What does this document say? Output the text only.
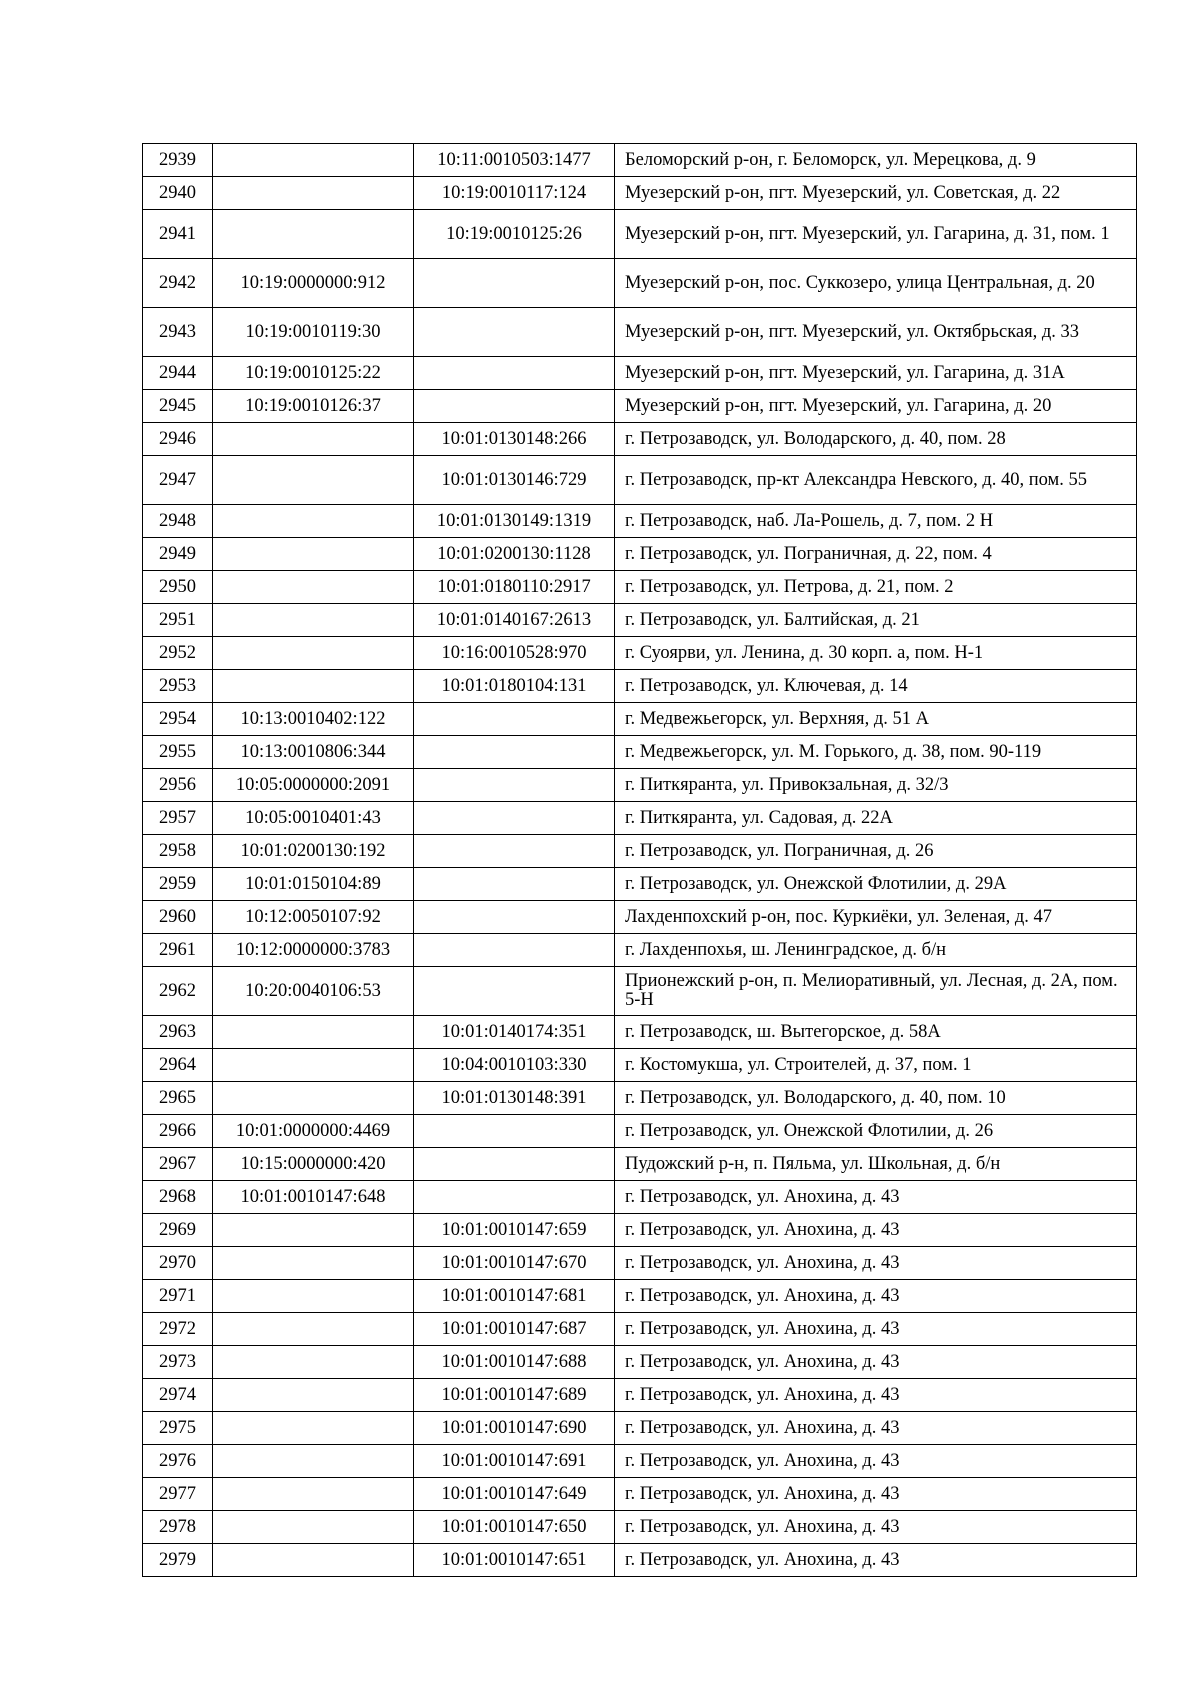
2939		10:11:0010503:1477	Беломорский р-он, г. Беломорск, ул. Мерецкова, д. 9
2940		10:19:0010117:124	Муезерский р-он, пгт. Муезерский, ул. Советская, д. 22
2941		10:19:0010125:26	Муезерский р-он, пгт. Муезерский, ул. Гагарина, д. 31, пом. 1
2942	10:19:0000000:912		Муезерский р-он, пос. Суккозеро, улица Центральная, д. 20
2943	10:19:0010119:30		Муезерский р-он, пгт. Муезерский, ул. Октябрьская, д. 33
2944	10:19:0010125:22		Муезерский р-он, пгт. Муезерский, ул. Гагарина, д. 31А
2945	10:19:0010126:37		Муезерский р-он, пгт. Муезерский, ул. Гагарина, д. 20
2946		10:01:0130148:266	г. Петрозаводск, ул. Володарского, д. 40, пом. 28
2947		10:01:0130146:729	г. Петрозаводск, пр-кт Александра Невского, д. 40, пом. 55
2948		10:01:0130149:1319	г. Петрозаводск, наб. Ла-Рошель, д. 7, пом. 2 Н
2949		10:01:0200130:1128	г. Петрозаводск, ул. Пограничная, д. 22, пом. 4
2950		10:01:0180110:2917	г. Петрозаводск, ул. Петрова, д. 21, пом. 2
2951		10:01:0140167:2613	г. Петрозаводск, ул. Балтийская, д. 21
2952		10:16:0010528:970	г. Суоярви, ул. Ленина, д. 30 корп. а, пом. Н-1
2953		10:01:0180104:131	г. Петрозаводск, ул. Ключевая, д. 14
2954	10:13:0010402:122		г. Медвежьегорск, ул. Верхняя, д. 51 А
2955	10:13:0010806:344		г. Медвежьегорск, ул. М. Горького, д. 38, пом. 90-119
2956	10:05:0000000:2091		г. Питкяранта, ул. Привокзальная, д. 32/3
2957	10:05:0010401:43		г. Питкяранта, ул. Садовая, д. 22А
2958	10:01:0200130:192		г. Петрозаводск, ул. Пограничная, д. 26
2959	10:01:0150104:89		г. Петрозаводск, ул. Онежской Флотилии, д. 29А
2960	10:12:0050107:92		Лахденпохский р-он, пос. Куркиёки, ул. Зеленая, д. 47
2961	10:12:0000000:3783		г. Лахденпохья, ш. Ленинградское, д. б/н
2962	10:20:0040106:53		Прионежский р-он, п. Мелиоративный, ул. Лесная, д. 2А, пом. 5-Н
2963		10:01:0140174:351	г. Петрозаводск, ш. Вытегорское, д. 58А
2964		10:04:0010103:330	г. Костомукша, ул. Строителей, д. 37, пом. 1
2965		10:01:0130148:391	г. Петрозаводск, ул. Володарского, д. 40, пом. 10
2966	10:01:0000000:4469		г. Петрозаводск, ул. Онежской Флотилии, д. 26
2967	10:15:0000000:420		Пудожский р-н, п. Пяльма, ул. Школьная, д. б/н
2968	10:01:0010147:648		г. Петрозаводск, ул. Анохина, д. 43
2969		10:01:0010147:659	г. Петрозаводск, ул. Анохина, д. 43
2970		10:01:0010147:670	г. Петрозаводск, ул. Анохина, д. 43
2971		10:01:0010147:681	г. Петрозаводск, ул. Анохина, д. 43
2972		10:01:0010147:687	г. Петрозаводск, ул. Анохина, д. 43
2973		10:01:0010147:688	г. Петрозаводск, ул. Анохина, д. 43
2974		10:01:0010147:689	г. Петрозаводск, ул. Анохина, д. 43
2975		10:01:0010147:690	г. Петрозаводск, ул. Анохина, д. 43
2976		10:01:0010147:691	г. Петрозаводск, ул. Анохина, д. 43
2977		10:01:0010147:649	г. Петрозаводск, ул. Анохина, д. 43
2978		10:01:0010147:650	г. Петрозаводск, ул. Анохина, д. 43
2979		10:01:0010147:651	г. Петрозаводск, ул. Анохина, д. 43
